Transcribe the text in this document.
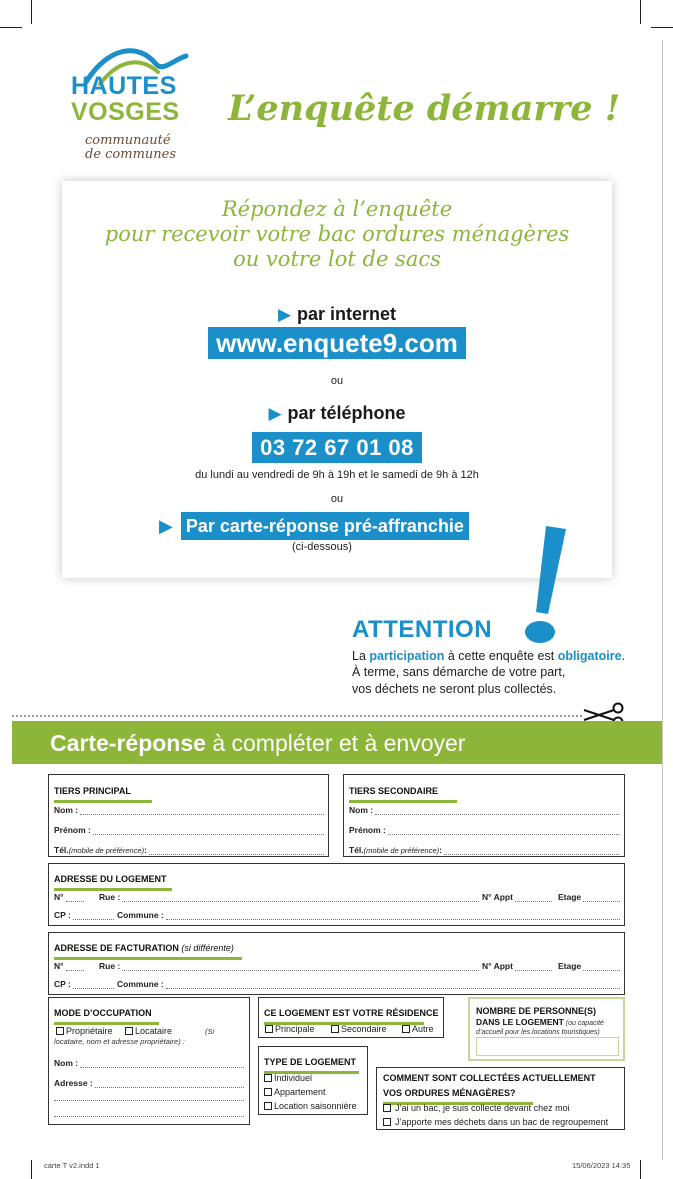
HAUTES
VOSGES
communauté
de communes
L’enquête démarre !
Répondez à l’enquête
pour recevoir votre bac ordures ménagères
ou votre lot de sacs
▶ par internet
www.enquete9.com
ou
▶ par téléphone
03 72 67 01 08
du lundi au vendredi de 9h à 19h et le samedi de 9h à 12h
ou
▶ Par carte-réponse pré-affranchie
(ci-dessous)
ATTENTION
La participation à cette enquête est obligatoire.
À terme, sans démarche de votre part,
vos déchets ne seront plus collectés.
Carte-réponse à compléter et à envoyer
TIERS PRINCIPAL
Nom :
Prénom :
Tél. (mobile de préférence) :
TIERS SECONDAIRE
Nom :
Prénom :
Tél. (mobile de préférence) :
ADRESSE DU LOGEMENT
N°	Rue :	N° Appt	Etage
CP :	Commune :
ADRESSE DE FACTURATION (si différente)
N°	Rue :	N° Appt	Etage
CP :	Commune :
MODE D’OCCUPATION
Propriétaire	Locataire	(Si locataire, nom et adresse propriétaire) :
Nom :
Adresse :
CE LOGEMENT EST VOTRE RÉSIDENCE
Principale	Secondaire	Autre
TYPE DE LOGEMENT
Individuel
Appartement
Location saisonnière
NOMBRE DE PERSONNE(S)
DANS LE LOGEMENT (ou capacité d’accueil pour les locations touristiques)
COMMENT SONT COLLECTÉES ACTUELLEMENT
VOS ORDURES MÉNAGÈRES?
J’ai un bac, je suis collecté devant chez moi
J’apporte mes déchets dans un bac de regroupement
carte T v2.indd 1	15/06/2023 14:35
